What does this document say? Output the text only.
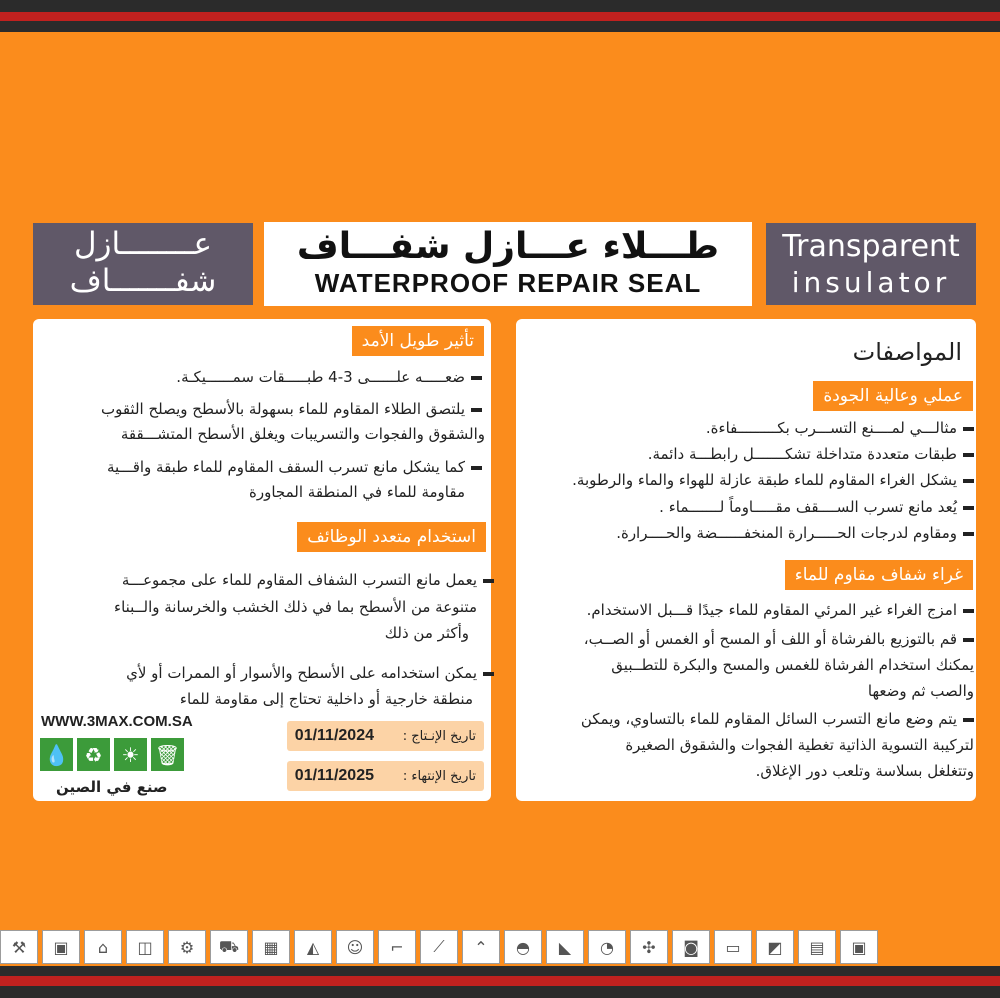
عــــــــازل
شفـــــــاف
طـــلاء عـــازل شفـــاف
WATERPROOF REPAIR SEAL
Transparent
insulator
تأثير طويل الأمد
ضعـــــه علــــــى 3-4 طبـــــقات سمــــــيكـة.
يلتصق الطلاء المقاوم للماء بسهولة بالأسطح ويصلح الثقوب
والشقوق والفجوات والتسريبات ويغلق الأسطح المتشـــققة
كما يشكل مانع تسرب السقف المقاوم للماء طبقة واقـــية
مقاومة للماء في المنطقة المجاورة
استخدام متعدد الوظائف
يعمل مانع التسرب الشفاف المقاوم للماء على مجموعـــة
متنوعة من الأسطح بما في ذلك الخشب والخرسانة والــبناء
وأكثر من ذلك
يمكن استخدامه على الأسطح والأسوار أو الممرات أو لأي
منطقة خارجية أو داخلية تحتاج إلى مقاومة للماء
WWW.3MAX.COM.SA
💧 ♻ ☀ 🗑
صنع في الصين
تاريخ الإنـتاج :
01/11/2024
تاريخ الإنتهاء :
01/11/2025
المواصفات
عملي وعالية الجودة
مثالـــي لمــــنع التســـرب بكـــــــــفاءة.
طبقات متعددة متداخلة تشكـــــــل رابطـــة دائمة.
يشكل الغراء المقاوم للماء طبقة عازلة للهواء والماء والرطوبة.
يُعد مانع تسرب الســــقف مقـــــاوماً لـــــــماء .
ومقاوم لدرجات الحـــــرارة المنخفــــــضة والحــــرارة.
غراء شفاف مقاوم للماء
امزج الغراء غير المرئي المقاوم للماء جيدًا قـــبل الاستخدام.
قم بالتوزيع بالفرشاة أو اللف أو المسح أو الغمس أو الصــب،
يمكنك استخدام الفرشاة للغمس والمسح والبكرة للتطــبيق
والصب ثم وضعها
يتم وضع مانع التسرب السائل المقاوم للماء بالتساوي، ويمكن
لتركيبة التسوية الذاتية تغطية الفجوات والشقوق الصغيرة
وتتغلغل بسلاسة وتلعب دور الإغلاق.
⚒	▣	⌂	◫	⚙	⛟	▦	◭	☺	⌐	⟋	⌃	◓	◣	◔	✣	◙	▭	◩	▤	▣
